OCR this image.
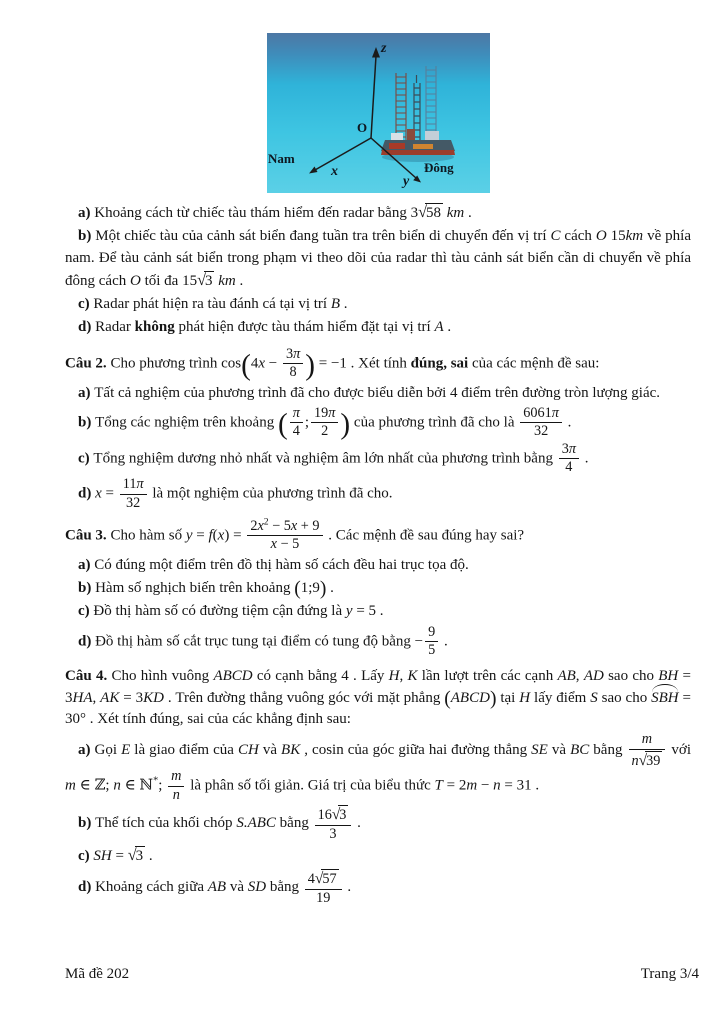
z
O
Nam
x
y
Đông
a) Khoảng cách từ chiếc tàu thám hiểm đến radar bằng 3√58 km .
b) Một chiếc tàu của cảnh sát biển đang tuần tra trên biển di chuyển đến vị trí C cách O 15km về phía nam. Để tàu cảnh sát biển trong phạm vi theo dõi của radar thì tàu cảnh sát biển cần di chuyển về phía đông cách O tối đa 15√3 km .
c) Radar phát hiện ra tàu đánh cá tại vị trí B .
d) Radar không phát hiện được tàu thám hiểm đặt tại vị trí A .
Câu 2. Cho phương trình $\cos(4x - \frac{3\pi}{8}$ ) = −1 . Xét tính đúng, sai của các mệnh đề sau:
a) Tất cả nghiệm của phương trình đã cho được biểu diễn bởi 4 điểm trên đường tròn lượng giác.
b) Tổng các nghiệm trên khoảng ( $\frac{\pi}{4}$ ; $\frac{19\pi}{2}$ ) của phương trình đã cho là $\frac{6061\pi}{32}$ .
c) Tổng nghiệm dương nhỏ nhất và nghiệm âm lớn nhất của phương trình bằng $\frac{3\pi}{4}$ .
d) $x = \frac{11\pi}{32}$ là một nghiệm của phương trình đã cho.
Câu 3. Cho hàm số $y = f(x) = \frac{2x^2 - 5x + 9}{x - 5}$ . Các mệnh đề sau đúng hay sai?
a) Có đúng một điểm trên đồ thị hàm số cách đều hai trục tọa độ.
b) Hàm số nghịch biến trên khoảng (1;9) .
c) Đồ thị hàm số có đường tiệm cận đứng là y = 5 .
d) Đồ thị hàm số cắt trục tung tại điểm có tung độ bằng − $\frac{9}{5}$ .
Câu 4. Cho hình vuông ABCD có cạnh bằng 4 . Lấy H, K lần lượt trên các cạnh AB, AD sao cho BH = 3HA, AK = 3KD . Trên đường thẳng vuông góc với mặt phẳng (ABCD) tại H lấy điểm S sao cho
SBH = 30° . Xét tính đúng, sai của các khẳng định sau:
a) Gọi E là giao điểm của CH và BK , cosin của góc giữa hai đường thẳng SE và BC bằng $\frac{m}{n√39}$ với m ∈ ℤ; n ∈ ℕ*; $\frac{m}{n}$ là phân số tối giản. Giá trị của biểu thức T = 2m − n = 31 .
b) Thể tích của khối chóp S.ABC bằng $\frac{16√3}{3}$ .
c) SH = √3 .
d) Khoảng cách giữa AB và SD bằng $\frac{4√57}{19}$ .
Mã đề 202	Trang 3/4
